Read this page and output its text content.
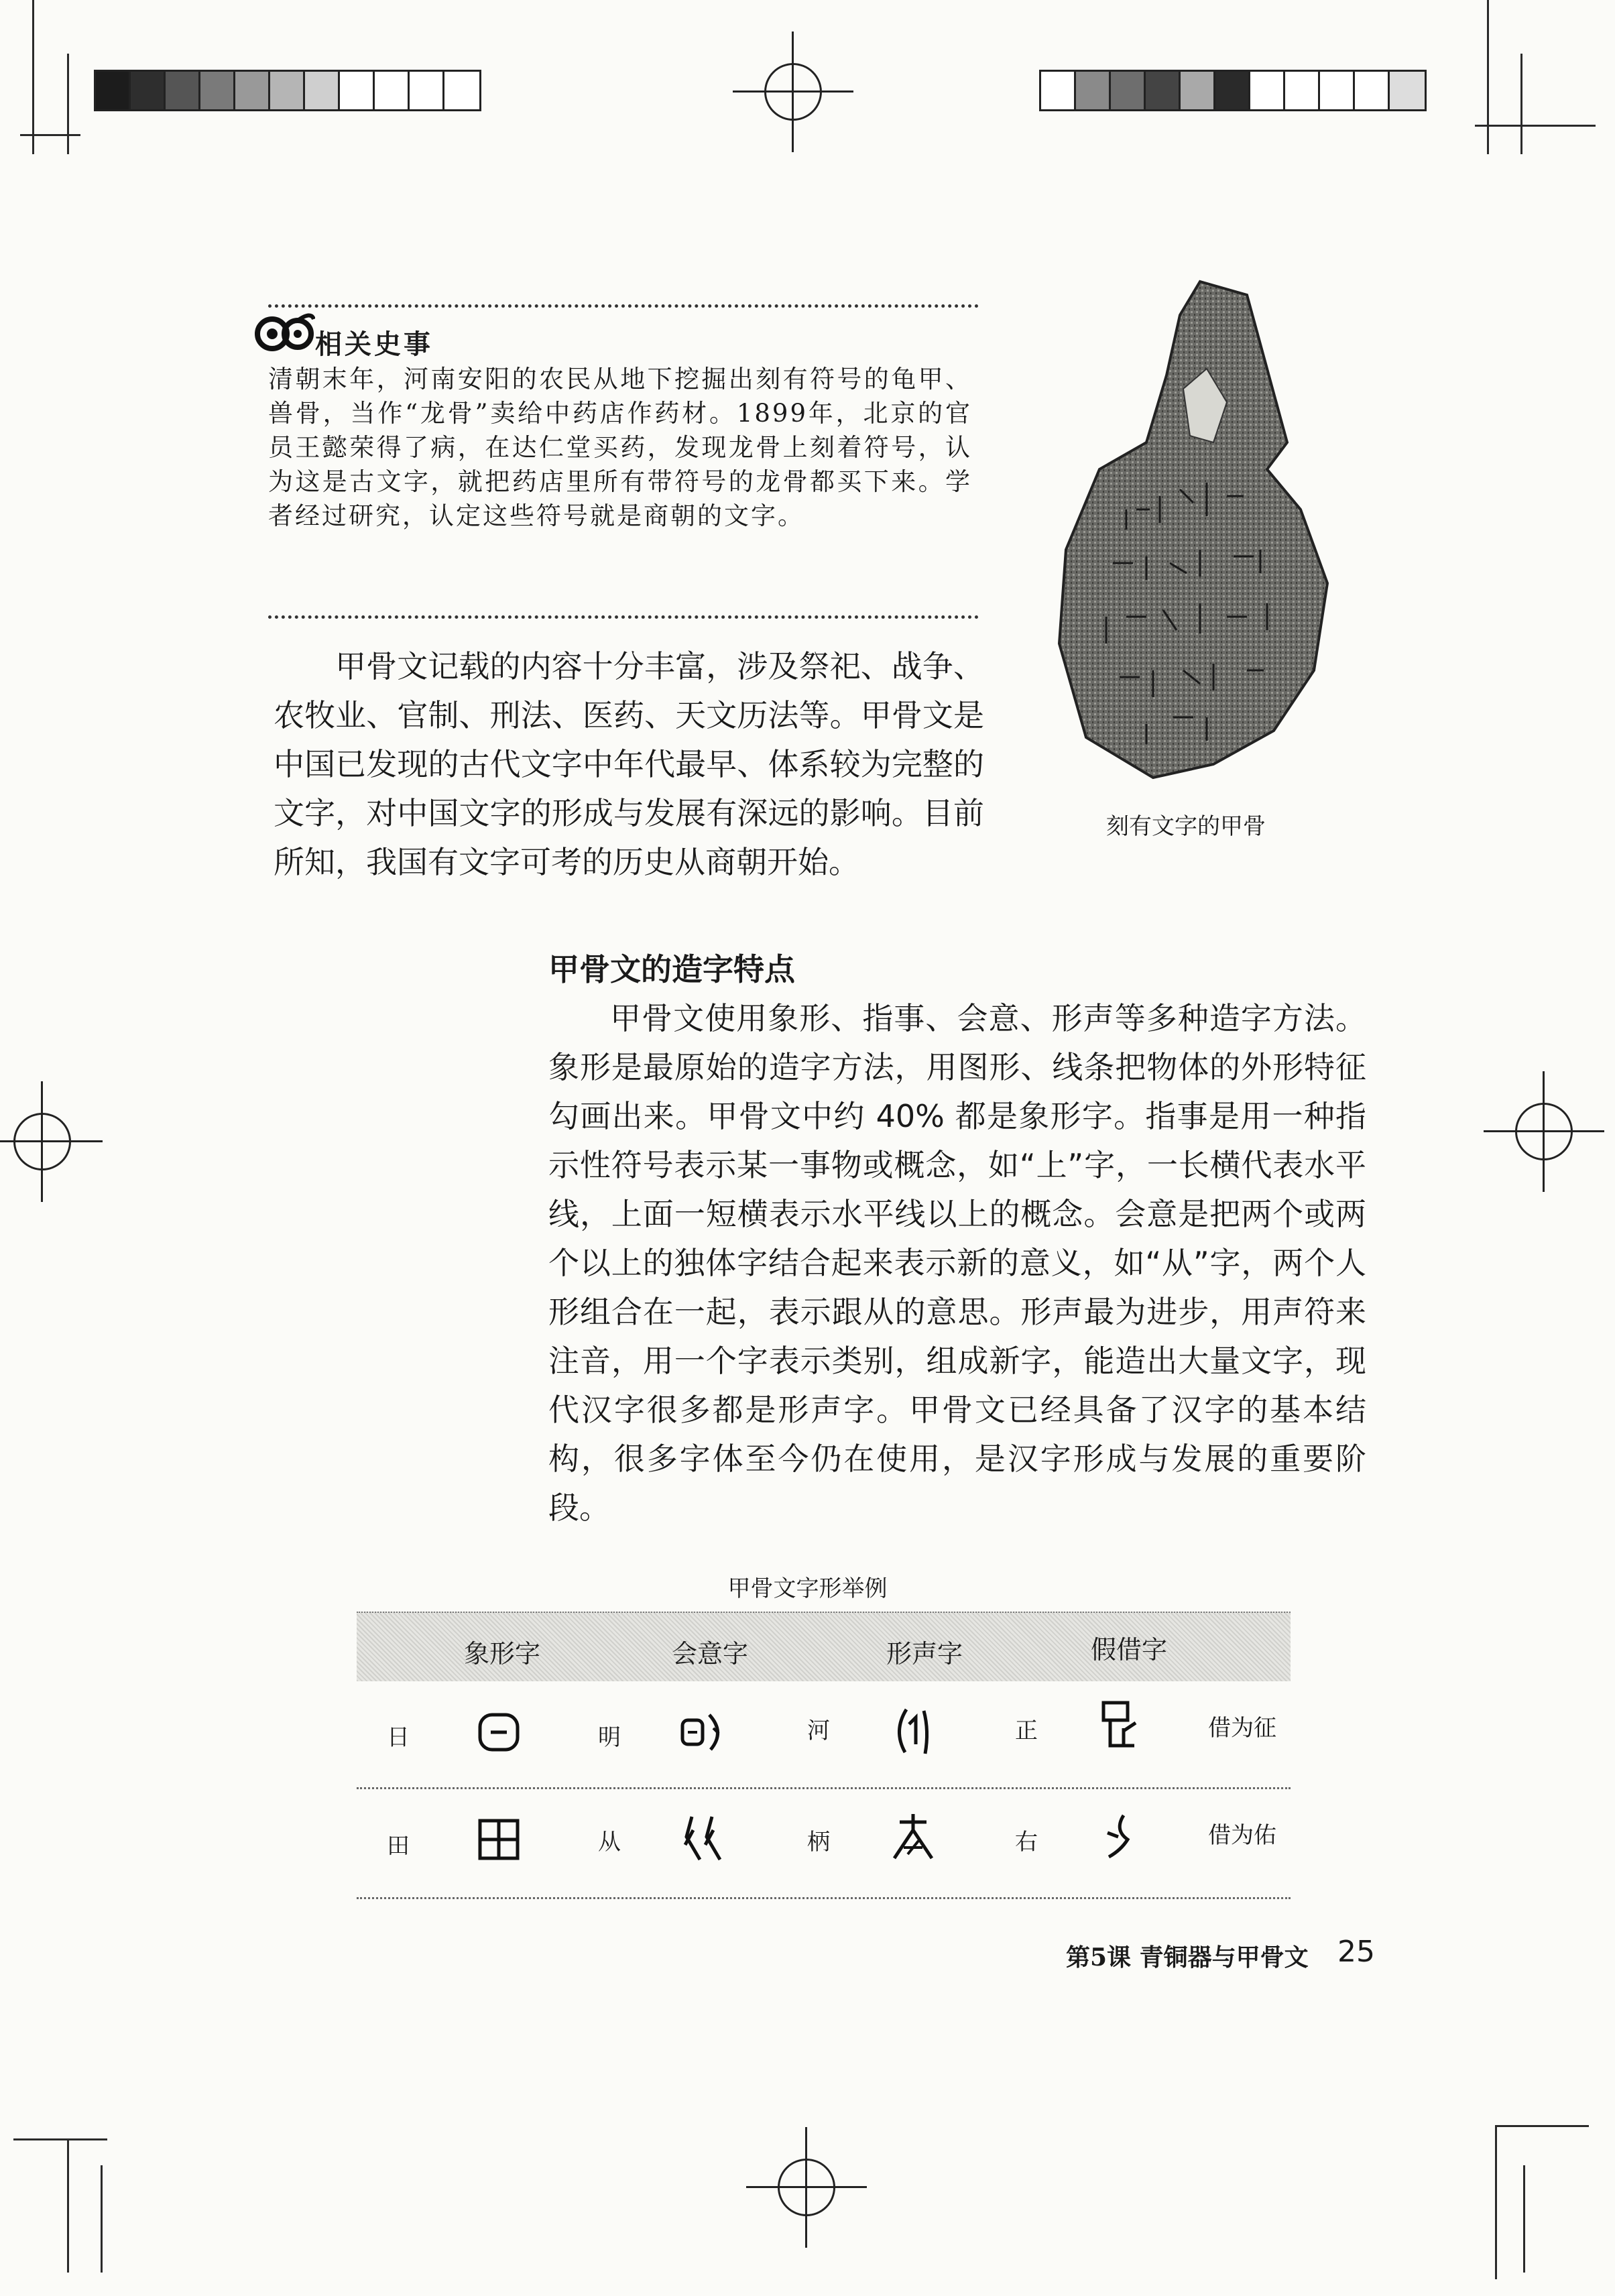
相关史事
清朝末年，河南安阳的农民从地下挖掘出刻有符号的龟甲、兽骨，当作“龙骨”卖给中药店作药材。1899年，北京的官员王懿荣得了病，在达仁堂买药，发现龙骨上刻着符号，认为这是古文字，就把药店里所有带符号的龙骨都买下来。学者经过研究，认定这些符号就是商朝的文字。
甲骨文记载的内容十分丰富，涉及祭祀、战争、农牧业、官制、刑法、医药、天文历法等。甲骨文是中国已发现的古代文字中年代最早、体系较为完整的文字，对中国文字的形成与发展有深远的影响。目前所知，我国有文字可考的历史从商朝开始。
刻有文字的甲骨
甲骨文的造字特点
甲骨文使用象形、指事、会意、形声等多种造字方法。象形是最原始的造字方法，用图形、线条把物体的外形特征勾画出来。甲骨文中约 40% 都是象形字。指事是用一种指示性符号表示某一事物或概念，如“上”字，一长横代表水平线，上面一短横表示水平线以上的概念。会意是把两个或两个以上的独体字结合起来表示新的意义，如“从”字，两个人形组合在一起，表示跟从的意思。形声最为进步，用声符来注音，用一个字表示类别，组成新字，能造出大量文字，现代汉字很多都是形声字。甲骨文已经具备了汉字的基本结构，很多字体至今仍在使用，是汉字形成与发展的重要阶段。
甲骨文字形举例
象形字	会意字	形声字	假借字
日	明	河	正	借为征
田	从	柄	右	借为佑
第5课 青铜器与甲骨文 25
